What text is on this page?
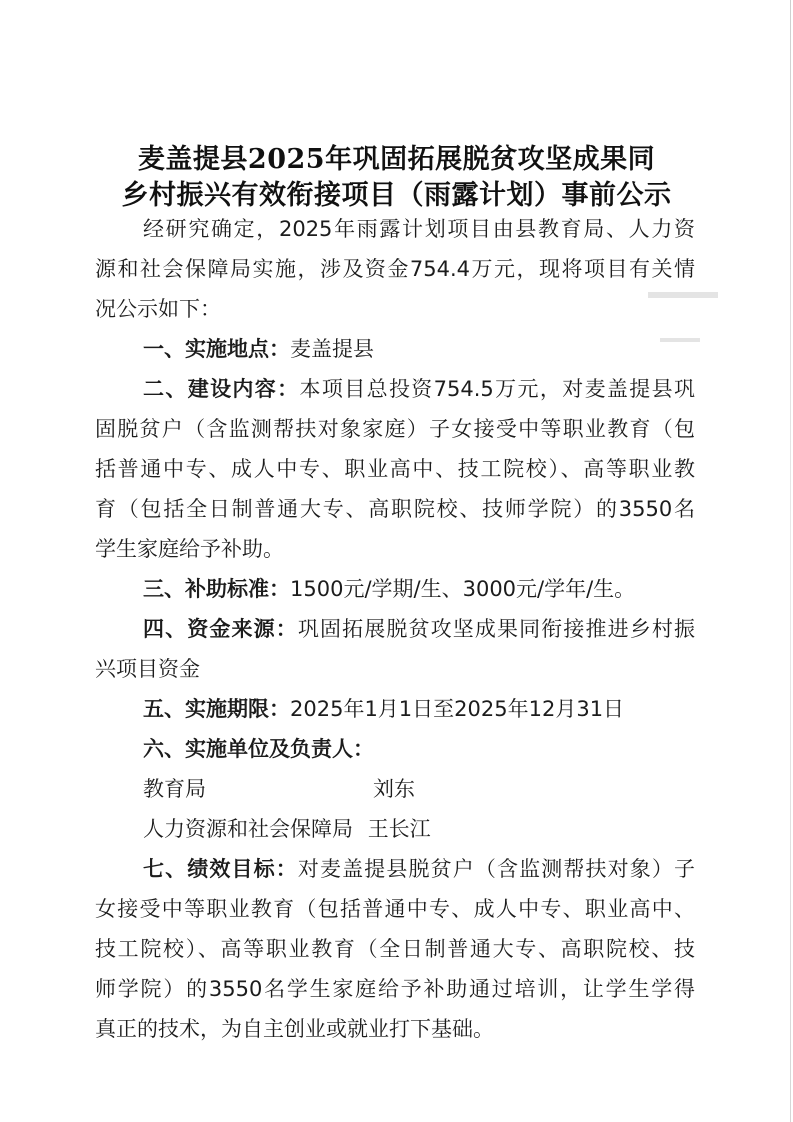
麦盖提县2025年巩固拓展脱贫攻坚成果同
乡村振兴有效衔接项目（雨露计划）事前公示
经研究确定，2025年雨露计划项目由县教育局、人力资
源和社会保障局实施，涉及资金754.4万元，现将项目有关情
况公示如下：
一、实施地点：麦盖提县
二、建设内容：本项目总投资754.5万元，对麦盖提县巩
固脱贫户（含监测帮扶对象家庭）子女接受中等职业教育（包
括普通中专、成人中专、职业高中、技工院校）、高等职业教
育（包括全日制普通大专、高职院校、技师学院）的3550名
学生家庭给予补助。
三、补助标准：1500元/学期/生、3000元/学年/生。
四、资金来源：巩固拓展脱贫攻坚成果同衔接推进乡村振
兴项目资金
五、实施期限：2025年1月1日至2025年12月31日
六、实施单位及负责人：
教育局	刘东
人力资源和社会保障局 王长江
七、绩效目标：对麦盖提县脱贫户（含监测帮扶对象）子
女接受中等职业教育（包括普通中专、成人中专、职业高中、
技工院校）、高等职业教育（全日制普通大专、高职院校、技
师学院）的3550名学生家庭给予补助通过培训，让学生学得
真正的技术，为自主创业或就业打下基础。
